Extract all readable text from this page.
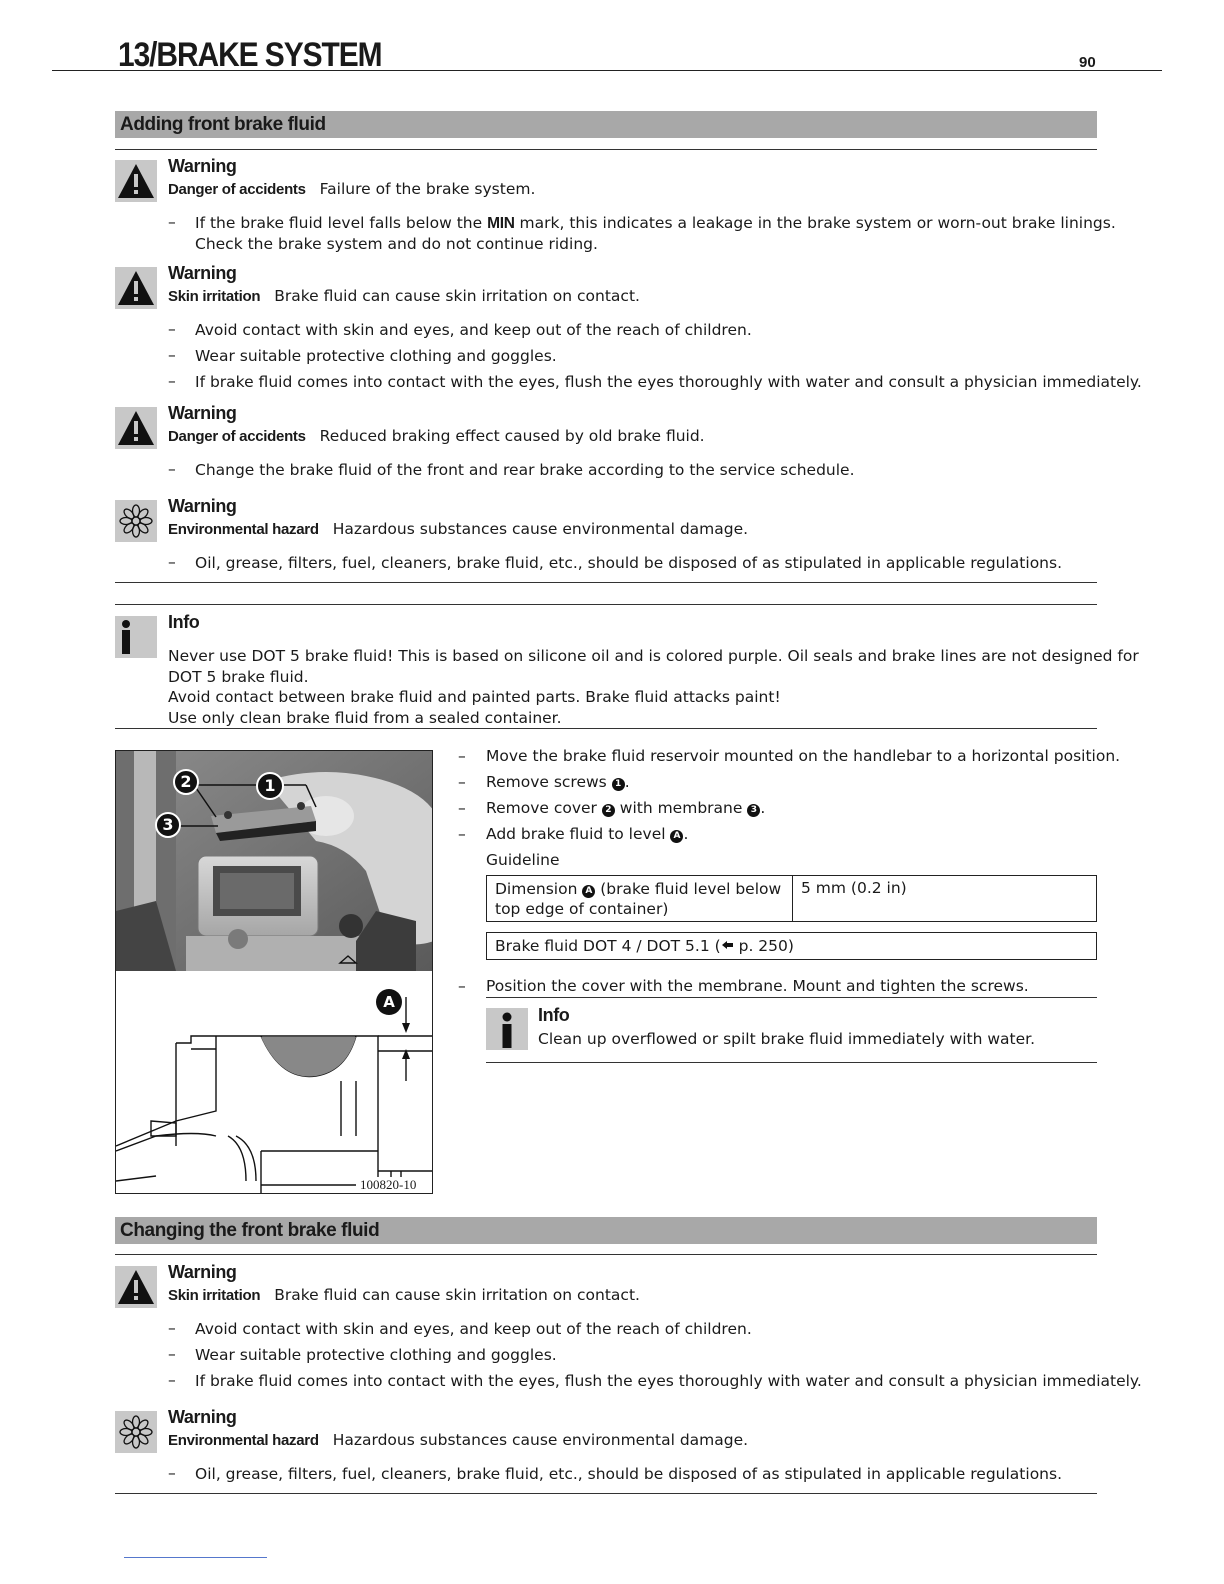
13/BRAKE SYSTEM	90
Adding front brake fluid
Warning
Danger of accidents Failure of the brake system.
– If the brake fluid level falls below the MIN mark, this indicates a leakage in the brake system or worn-out brake linings.
Check the brake system and do not continue riding.
Warning
Skin irritation Brake fluid can cause skin irritation on contact.
– Avoid contact with skin and eyes, and keep out of the reach of children.
– Wear suitable protective clothing and goggles.
– If brake fluid comes into contact with the eyes, flush the eyes thoroughly with water and consult a physician immediately.
Warning
Danger of accidents Reduced braking effect caused by old brake fluid.
– Change the brake fluid of the front and rear brake according to the service schedule.
Warning
Environmental hazard Hazardous substances cause environmental damage.
– Oil, grease, filters, fuel, cleaners, brake fluid, etc., should be disposed of as stipulated in applicable regulations.
Info
Never use DOT 5 brake fluid! This is based on silicone oil and is colored purple. Oil seals and brake lines are not designed for
DOT 5 brake fluid.
Avoid contact between brake fluid and painted parts. Brake fluid attacks paint!
Use only clean brake fluid from a sealed container.
2	1
3
A
100820-10
– Move the brake fluid reservoir mounted on the handlebar to a horizontal position.
– Remove screws 1 .
– Remove cover 2 with membrane 3 .
– Add brake fluid to level A .
Guideline
– Position the cover with the membrane. Mount and tighten the screws.
Dimension A (brake fluid level below
top edge of container)
5 mm (0.2 in)
Brake fluid DOT 4 / DOT 5.1 ( p. 250)
Info
Clean up overflowed or spilt brake fluid immediately with water.
Changing the front brake fluid
Warning
Skin irritation Brake fluid can cause skin irritation on contact.
– Avoid contact with skin and eyes, and keep out of the reach of children.
– Wear suitable protective clothing and goggles.
– If brake fluid comes into contact with the eyes, flush the eyes thoroughly with water and consult a physician immediately.
Warning
Environmental hazard Hazardous substances cause environmental damage.
– Oil, grease, filters, fuel, cleaners, brake fluid, etc., should be disposed of as stipulated in applicable regulations.
